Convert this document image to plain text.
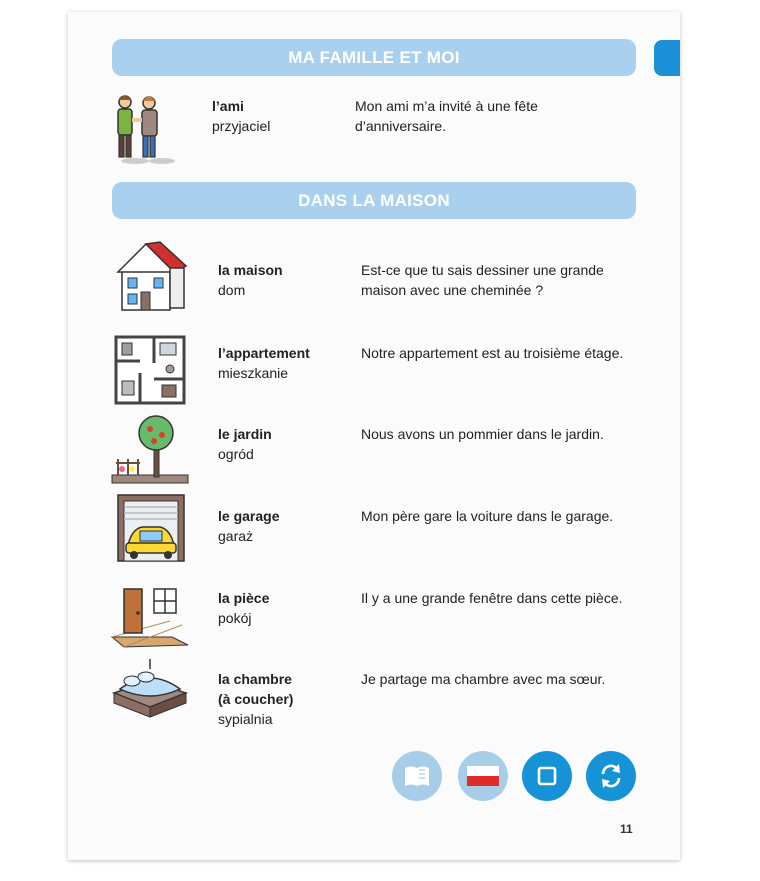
MA FAMILLE ET MOI
l’ami
przyjaciel
Mon ami m’a invité à une fête d’anniversaire.
DANS LA MAISON
la maison
dom
Est-ce que tu sais dessiner une grande maison avec une cheminée ?
l’appartement
mieszkanie
Notre appartement est au troisième étage.
le jardin
ogród
Nous avons un pommier dans le jardin.
le garage
garaż
Mon père gare la voiture dans le garage.
la pièce
pokój
Il y a une grande fenêtre dans cette pièce.
la chambre
(à coucher)
sypialnia
Je partage ma chambre avec ma sœur.
11
